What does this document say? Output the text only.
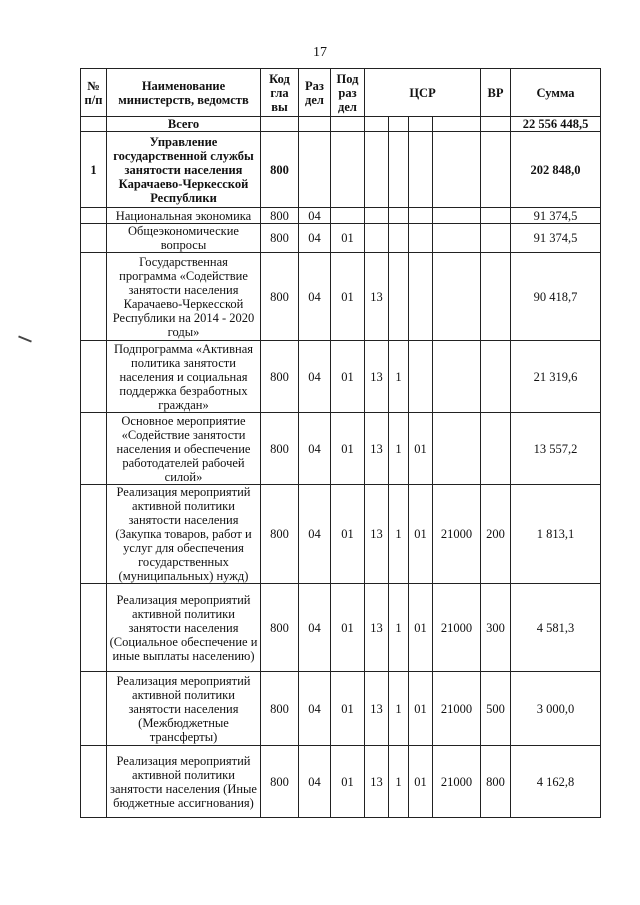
17
№ п/п	Наименование министерств, ведомств	Код гла вы	Раз дел	Под раз дел	ЦСР				ВР	Сумма
	Всего									22 556 448,5
1	Управление государственной службы занятости населения Карачаево-Черкесской Республики	800								202 848,0
	Национальная экономика	800	04							91 374,5
	Общеэкономические вопросы	800	04	01						91 374,5
	Государственная программа «Содействие занятости населения Карачаево-Черкесской Республики на 2014 - 2020 годы»	800	04	01	13					90 418,7
	Подпрограмма «Активная политика занятости населения и социальная поддержка безработных граждан»	800	04	01	13	1				21 319,6
	Основное мероприятие «Содействие занятости населения и обеспечение работодателей рабочей силой»	800	04	01	13	1	01			13 557,2
	Реализация мероприятий активной политики занятости населения (Закупка товаров, работ и услуг для обеспечения государственных (муниципальных) нужд)	800	04	01	13	1	01	21000	200	1 813,1
	Реализация мероприятий активной политики занятости населения (Социальное обеспечение и иные выплаты населению)	800	04	01	13	1	01	21000	300	4 581,3
	Реализация мероприятий активной политики занятости населения (Межбюджетные трансферты)	800	04	01	13	1	01	21000	500	3 000,0
	Реализация мероприятий активной политики занятости населения (Иные бюджетные ассигнования)	800	04	01	13	1	01	21000	800	4 162,8
